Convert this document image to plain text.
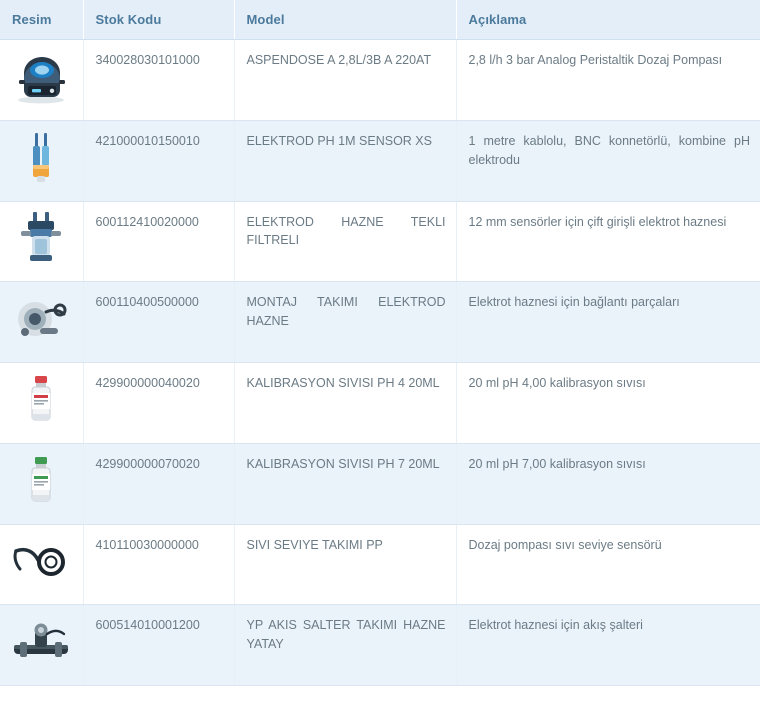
Resim	Stok Kodu	Model	Açıklama

	340028030101000	ASPENDOSE A 2,8L/3B A 220AT	2,8 l/h 3 bar Analog Peristaltik Dozaj Pompası

	421000010150010	ELEKTROD PH 1M SENSOR XS	1 metre kablolu, BNC konnetörlü, kombine pH elektrodu

	600112410020000	ELEKTROD HAZNE TEKLI FILTRELI	12 mm sensörler için çift girişli elektrot haznesi

	600110400500000	MONTAJ TAKIMI ELEKTROD HAZNE	Elektrot haznesi için bağlantı parçaları

	429900000040020	KALIBRASYON SIVISI PH 4 20ML	20 ml pH 4,00 kalibrasyon sıvısı

	429900000070020	KALIBRASYON SIVISI PH 7 20ML	20 ml pH 7,00 kalibrasyon sıvısı

	410110030000000	SIVI SEVIYE TAKIMI PP	Dozaj pompası sıvı seviye sensörü

	600514010001200	YP AKIS SALTER TAKIMI HAZNE YATAY	Elektrot haznesi için akış şalteri
